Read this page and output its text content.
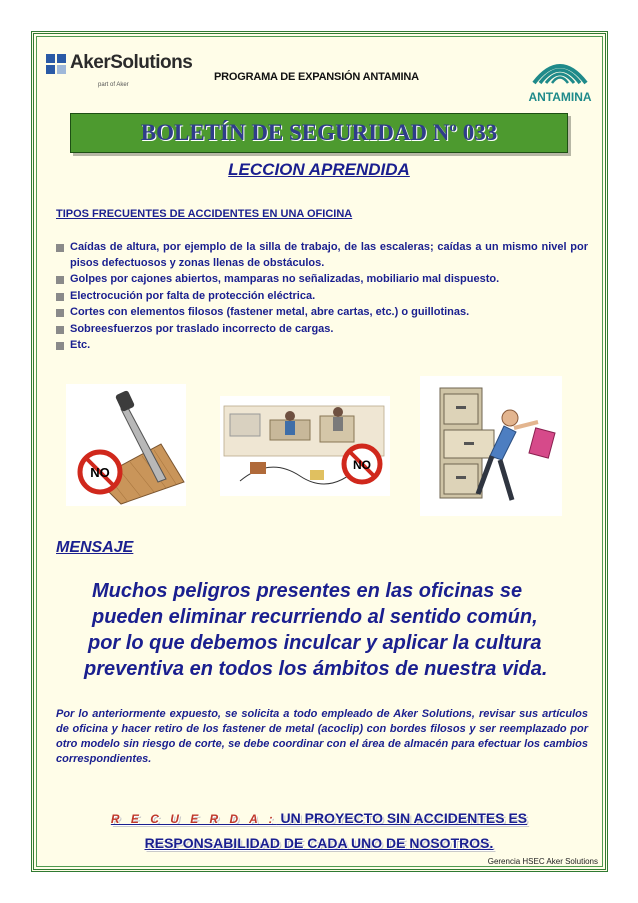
AkerSolutions
part of Aker
PROGRAMA DE EXPANSIÓN ANTAMINA
ANTAMINA
BOLETÍN DE SEGURIDAD Nº 033
LECCION APRENDIDA
TIPOS FRECUENTES DE ACCIDENTES EN UNA OFICINA
Caídas de altura, por ejemplo de la silla de trabajo, de las escaleras; caídas a un mismo nivel por pisos defectuosos y zonas llenas de obstáculos.
Golpes por cajones abiertos, mamparas no señalizadas, mobiliario mal dispuesto.
Electrocución por falta de protección eléctrica.
Cortes con elementos filosos (fastener metal, abre cartas, etc.) o guillotinas.
Sobreesfuerzos por traslado incorrecto de cargas.
Etc.
NO	NO
MENSAJE
Muchos peligros presentes en las oficinas se
pueden eliminar recurriendo al sentido común,
por lo que debemos inculcar y aplicar la cultura
preventiva en todos los ámbitos de nuestra vida.
Por lo anteriormente expuesto, se solicita a todo empleado de Aker Solutions, revisar sus artículos de oficina y hacer retiro de los fastener de metal (acoclip) con bordes filosos y ser reemplazado por otro modelo sin riesgo de corte, se debe coordinar con el área de almacén para efectuar los cambios correspondientes.
R E C U E R D A : UN PROYECTO SIN ACCIDENTES ES
RESPONSABILIDAD DE CADA UNO DE NOSOTROS.
Gerencia HSEC Aker Solutions
